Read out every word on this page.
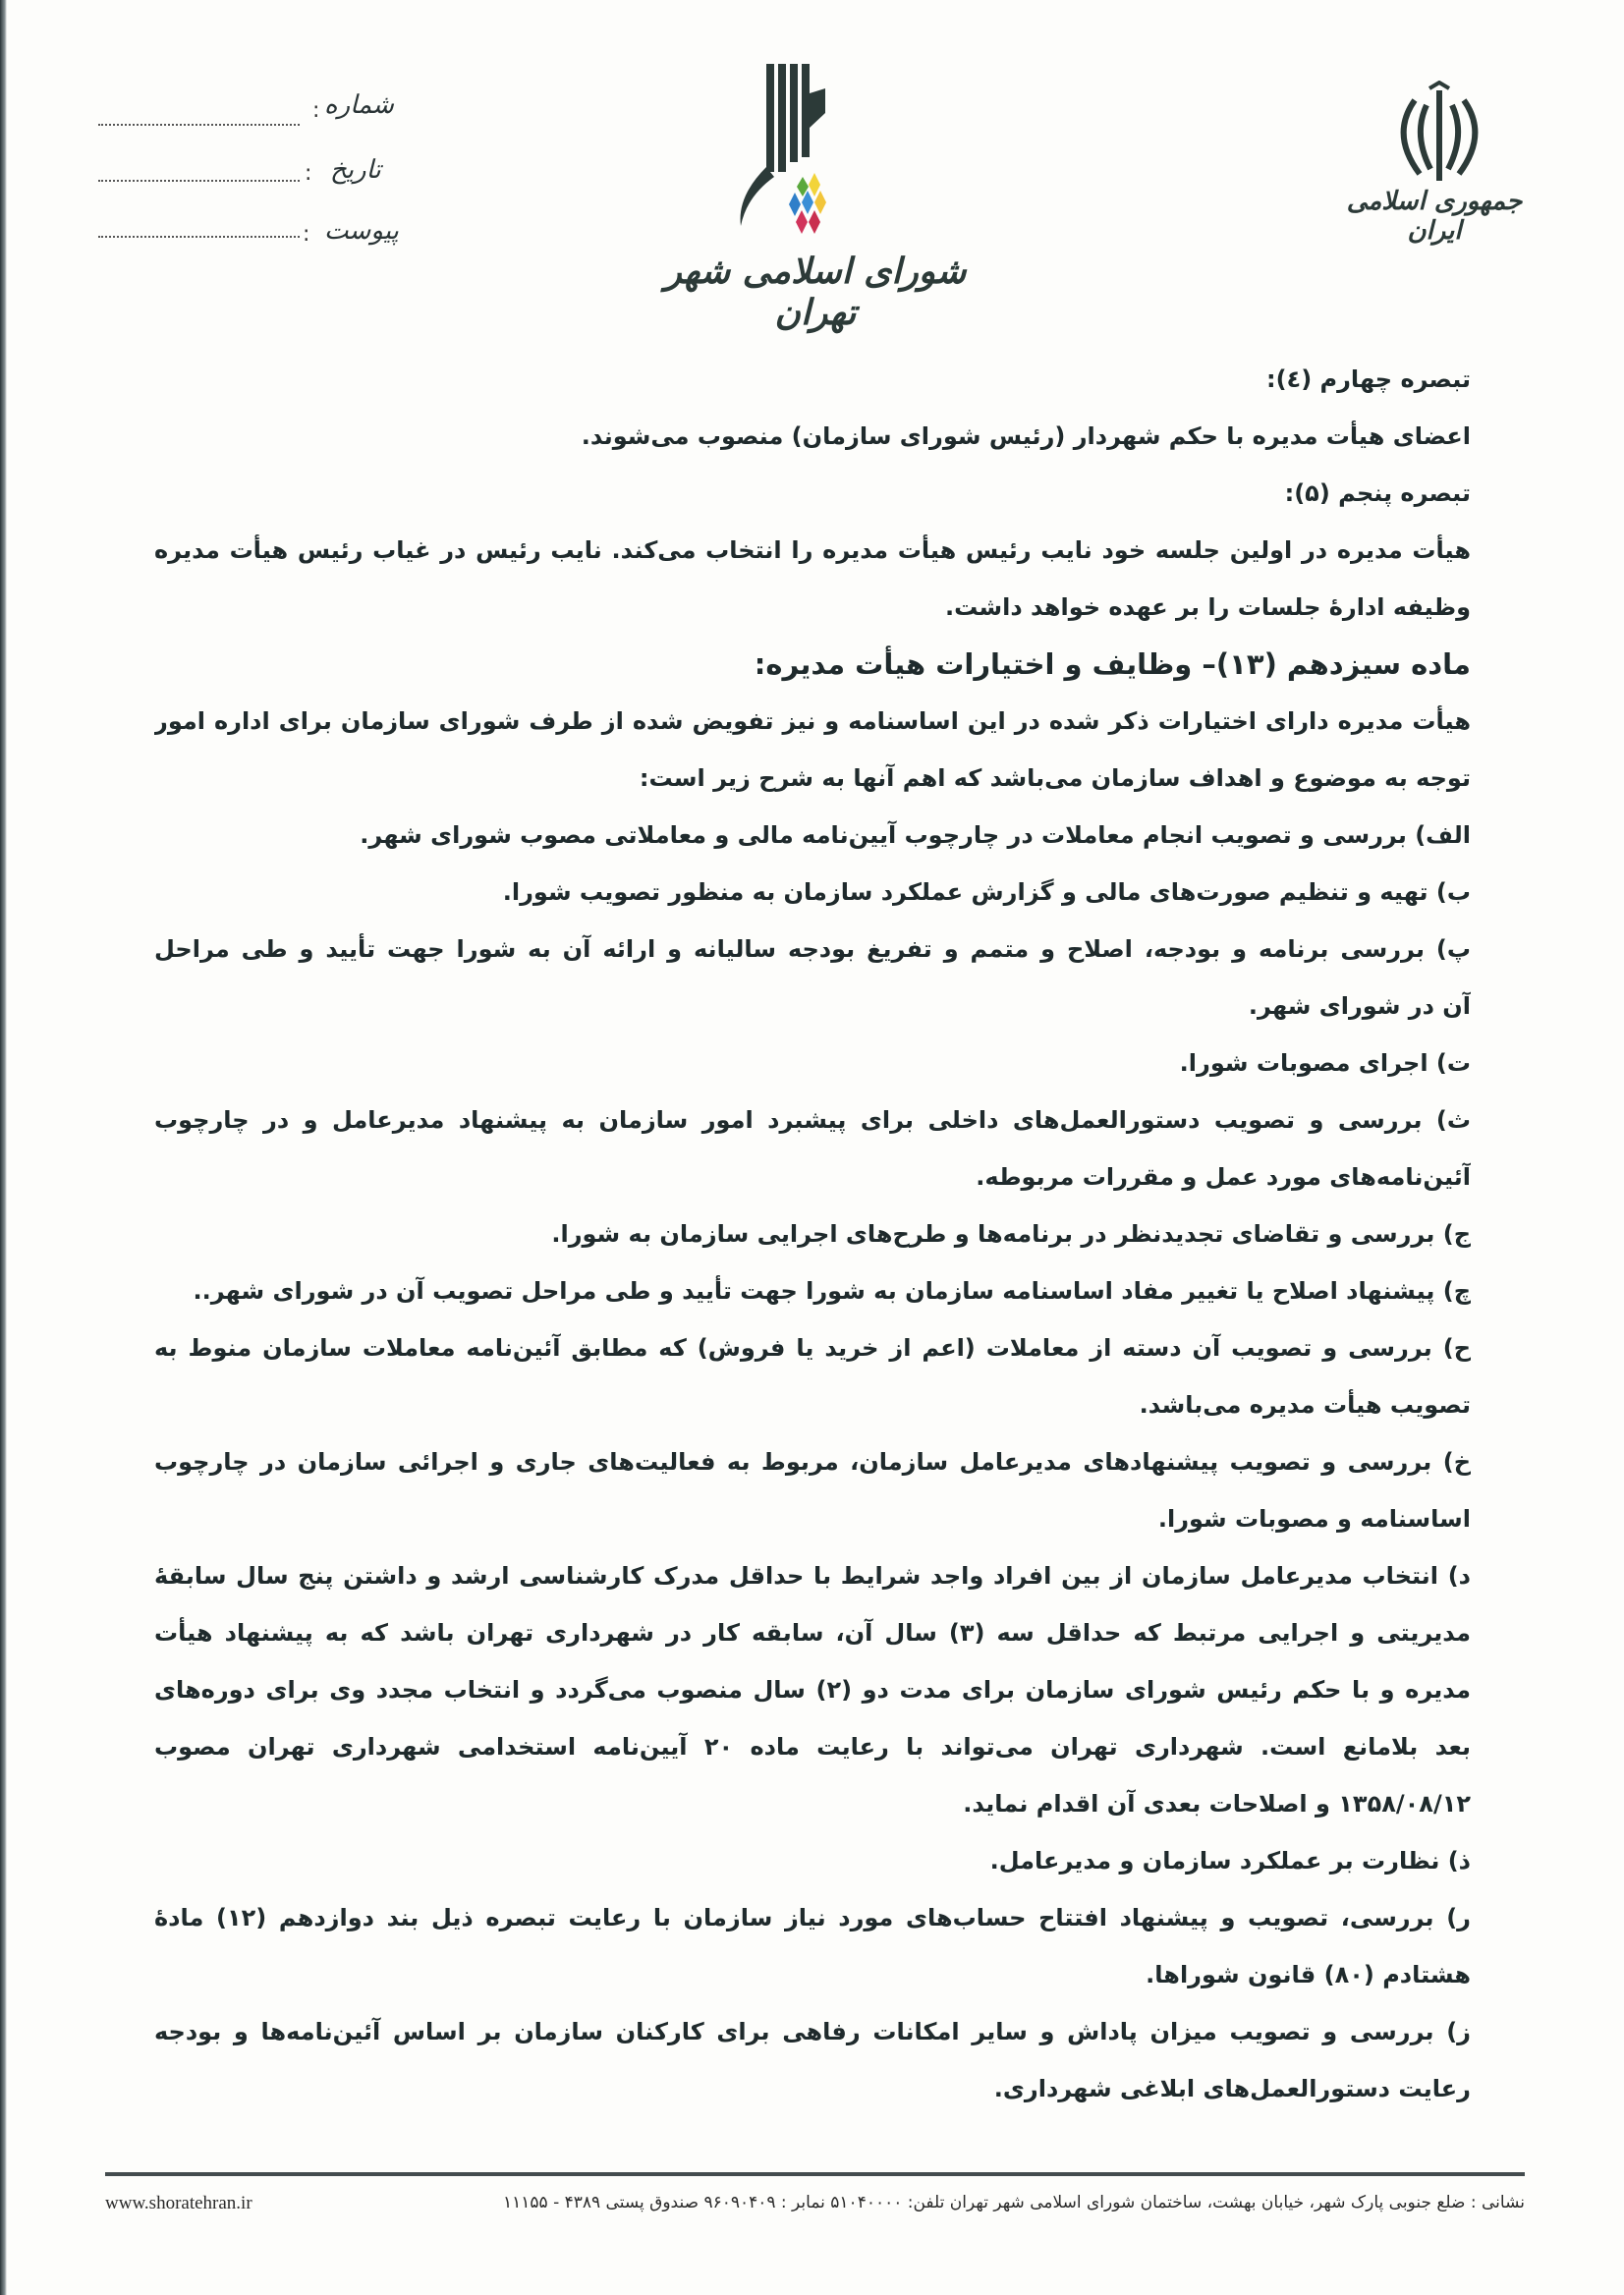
شماره
:
تاریخ
:
پیوست
:
شورای اسلامی شهر تهران
جمهوری اسلامی ایران
تبصره چهارم (٤):
اعضای هیأت مدیره با حکم شهردار (رئیس شورای سازمان) منصوب می‌شوند.
تبصره پنجم (۵):
هیأت مدیره در اولین جلسه خود نایب رئیس هیأت مدیره را انتخاب می‌کند. نایب رئیس در غیاب رئیس هیأت مدیره
وظیفه ادارهٔ جلسات را بر عهده خواهد داشت.
ماده سیزدهم (۱۳)– وظایف و اختیارات هیأت مدیره:
هیأت مدیره دارای اختیارات ذکر شده در این اساسنامه و نیز تفویض شده از طرف شورای سازمان برای اداره امور
توجه به موضوع و اهداف سازمان می‌باشد که اهم آنها به شرح زیر است:
الف) بررسی و تصویب انجام معاملات در چارچوب آیین‌نامه مالی و معاملاتی مصوب شورای شهر.
ب) تهیه و تنظیم صورت‌های مالی و گزارش عملکرد سازمان به منظور تصویب شورا.
پ) بررسی برنامه و بودجه، اصلاح و متمم و تفریغ بودجه سالیانه و ارائه آن به شورا جهت تأیید و طی مراحل
آن در شورای شهر.
ت) اجرای مصوبات شورا.
ث) بررسی و تصویب دستورالعمل‌های داخلی برای پیشبرد امور سازمان به پیشنهاد مدیرعامل و در چارچوب
آئین‌نامه‌های مورد عمل و مقررات مربوطه.
ج) بررسی و تقاضای تجدیدنظر در برنامه‌ها و طرح‌های اجرایی سازمان به شورا.
چ) پیشنهاد اصلاح یا تغییر مفاد اساسنامه سازمان به شورا جهت تأیید و طی مراحل تصویب آن در شورای شهر..
ح) بررسی و تصویب آن دسته از معاملات (اعم از خرید یا فروش) که مطابق آئین‌نامه معاملات سازمان منوط به
تصویب هیأت مدیره می‌باشد.
خ) بررسی و تصویب پیشنهادهای مدیرعامل سازمان، مربوط به فعالیت‌های جاری و اجرائی سازمان در چارچوب
اساسنامه و مصوبات شورا.
د) انتخاب مدیرعامل سازمان از بین افراد واجد شرایط با حداقل مدرک کارشناسی ارشد و داشتن پنج سال سابقهٔ
مدیریتی و اجرایی مرتبط که حداقل سه (۳) سال آن، سابقه کار در شهرداری تهران باشد که به پیشنهاد هیأت
مدیره و با حکم رئیس شورای سازمان برای مدت دو (۲) سال منصوب می‌گردد و انتخاب مجدد وی برای دوره‌های
بعد بلامانع است. شهرداری تهران می‌تواند با رعایت ماده ۲۰ آیین‌نامه استخدامی شهرداری تهران مصوب
۱۳۵۸/۰۸/۱۲ و اصلاحات بعدی آن اقدام نماید.
ذ) نظارت بر عملکرد سازمان و مدیرعامل.
ر) بررسی، تصویب و پیشنهاد افتتاح حساب‌های مورد نیاز سازمان با رعایت تبصره ذیل بند دوازدهم (۱۲) مادهٔ
هشتادم (۸۰) قانون شوراها.
ز) بررسی و تصویب میزان پاداش و سایر امکانات رفاهی برای کارکنان سازمان بر اساس آئین‌نامه‌ها و بودجه
رعایت دستورالعمل‌های ابلاغی شهرداری.
نشانی : ضلع جنوبی پارک شهر، خیابان بهشت، ساختمان شورای اسلامی شهر تهران تلفن: ۵۱۰۴۰۰۰۰ نمابر : ۹۶۰۹۰۴۰۹ صندوق پستی ۴۳۸۹ - ۱۱۱۵۵
www.shoratehran.ir
